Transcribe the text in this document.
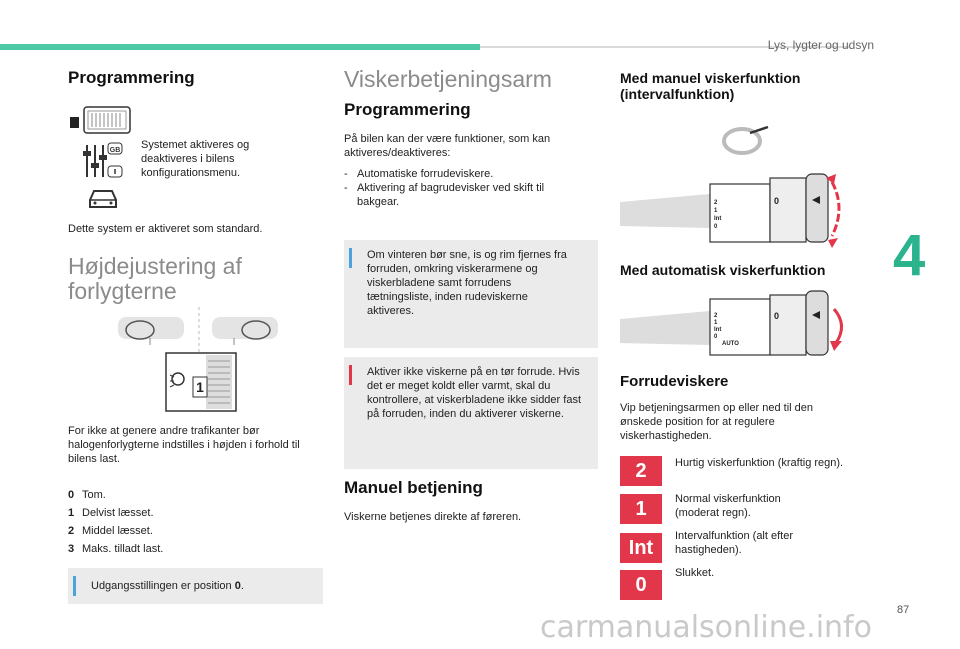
Lys, lygter og udsyn
4
87
Programmering
GB Systemet aktiveres og deaktiveres i bilens konfigurationsmenu.
Dette system er aktiveret som standard.
Højdejustering af
forlygterne
1
For ikke at genere andre trafikanter bør halogenforlygterne indstilles i højden i forhold til bilens last.
0 Tom.
1 Delvist læsset.
2 Middel læsset.
3 Maks. tilladt last.
Udgangsstillingen er position 0.
Viskerbetjeningsarm
Programmering
På bilen kan der være funktioner, som kan aktiveres/deaktiveres:
- Automatiske forrudeviskere.
- Aktivering af bagrudevisker ved skift til bakgear.
Om vinteren bør sne, is og rim fjernes fra forruden, omkring viskerarmene og viskerbladene samt forrudens tætningsliste, inden rudeviskerne aktiveres.
Aktiver ikke viskerne på en tør forrude. Hvis det er meget koldt eller varmt, skal du kontrollere, at viskerbladene ikke sidder fast på forruden, inden du aktiverer viskerne.
Manuel betjening
Viskerne betjenes direkte af føreren.
Med manuel viskerfunktion (intervalfunktion)
2
1
Int
0
0
Med automatisk viskerfunktion
2
1
Int
0
AUTO
0
Forrudeviskere
Vip betjeningsarmen op eller ned til den ønskede position for at regulere viskerhastigheden.
2	Hurtig viskerfunktion (kraftig regn).
1	Normal viskerfunktion (moderat regn).
Int
Intervalfunktion (alt efter hastigheden).
0
Slukket.
carmanualsonline.info
